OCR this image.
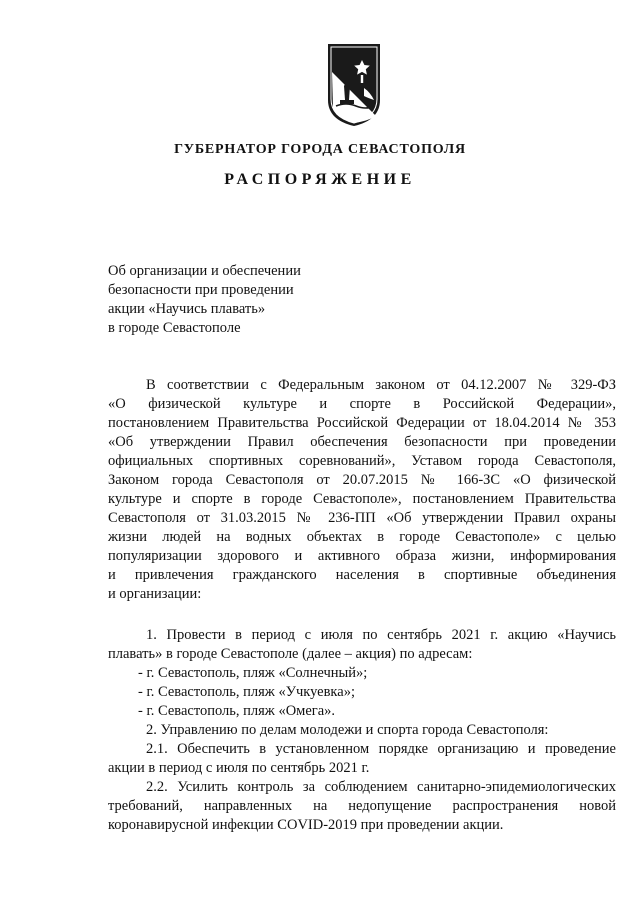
ГУБЕРНАТОР ГОРОДА СЕВАСТОПОЛЯ
РАСПОРЯЖЕНИЕ
Об организации и обеспечении
безопасности при проведении
акции «Научись плавать»
в городе Севастополе
В соответствии с Федеральным законом от 04.12.2007 № 329-ФЗ
«О физической культуре и спорте в Российской Федерации»,
постановлением Правительства Российской Федерации от 18.04.2014 № 353
«Об утверждении Правил обеспечения безопасности при проведении
официальных спортивных соревнований», Уставом города Севастополя,
Законом города Севастополя от 20.07.2015 № 166-ЗС «О физической
культуре и спорте в городе Севастополе», постановлением Правительства
Севастополя от 31.03.2015 № 236-ПП «Об утверждении Правил охраны
жизни людей на водных объектах в городе Севастополе» с целью
популяризации здорового и активного образа жизни, информирования
и привлечения гражданского населения в спортивные объединения
и организации:
1. Провести в период с июля по сентябрь 2021 г. акцию «Научись
плавать» в городе Севастополе (далее – акция) по адресам:
- г. Севастополь, пляж «Солнечный»;
- г. Севастополь, пляж «Учкуевка»;
- г. Севастополь, пляж «Омега».
2. Управлению по делам молодежи и спорта города Севастополя:
2.1. Обеспечить в установленном порядке организацию и проведение
акции в период с июля по сентябрь 2021 г.
2.2. Усилить контроль за соблюдением санитарно-эпидемиологических
требований, направленных на недопущение распространения новой
коронавирусной инфекции COVID-2019 при проведении акции.
